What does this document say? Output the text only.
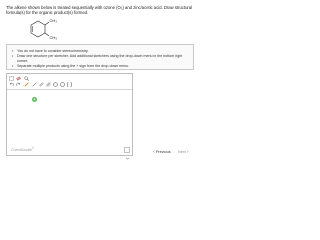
The alkene shown below is treated sequentially with ozone (O₃) and zinc/acetic acid. Draw structural formula(s) for the organic product(s) formed.
CH₃
CH₃
• You do not have to consider stereochemistry.
• Draw one structure per sketcher. Add additional sketchers using the drop-down menu in the bottom right corner.
• Separate multiple products using the + sign from the drop-down menu.
+
ChemDoodle®
‹ Previous Next ›
